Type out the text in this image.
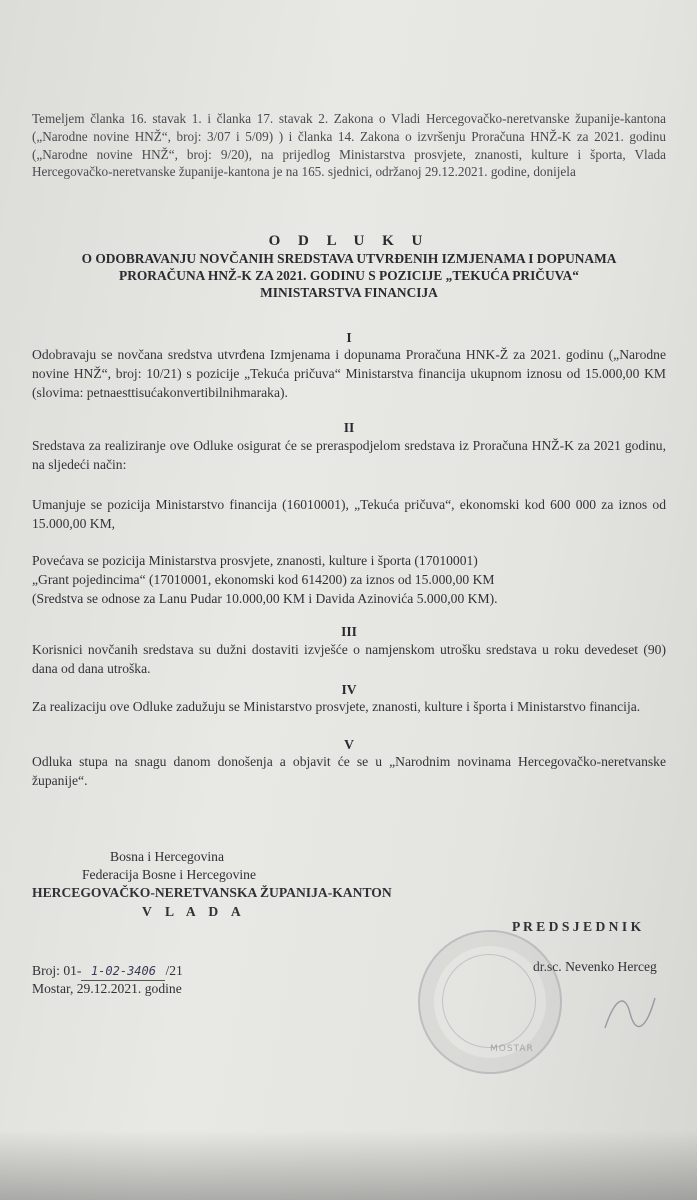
Temeljem članka 16. stavak 1. i članka 17. stavak 2. Zakona o Vladi Hercegovačko-neretvanske županije-kantona („Narodne novine HNŽ“, broj: 3/07 i 5/09) ) i članka 14. Zakona o izvršenju Proračuna HNŽ-K za 2021. godinu („Narodne novine HNŽ“, broj: 9/20), na prijedlog Ministarstva prosvjete, znanosti, kulture i športa, Vlada Hercegovačko-neretvanske županije-kantona je na 165. sjednici, održanoj 29.12.2021. godine, donijela
O D L U K U
O ODOBRAVANJU NOVČANIH SREDSTAVA UTVRĐENIH IZMJENAMA I DOPUNAMA
PRORAČUNA HNŽ-K ZA 2021. GODINU S POZICIJE „TEKUĆA PRIČUVA“
MINISTARSTVA FINANCIJA
I
Odobravaju se novčana sredstva utvrđena Izmjenama i dopunama Proračuna HNK-Ž za 2021. godinu („Narodne novine HNŽ“, broj: 10/21) s pozicije „Tekuća pričuva“ Ministarstva financija ukupnom iznosu od 15.000,00 KM (slovima: petnaesttisućakonvertibilnihmaraka).
II
Sredstava za realiziranje ove Odluke osigurat će se preraspodjelom sredstava iz Proračuna HNŽ-K za 2021 godinu, na sljedeći način:
Umanjuje se pozicija Ministarstvo financija (16010001), „Tekuća pričuva“, ekonomski kod 600 000 za iznos od 15.000,00 KM,
Povećava se pozicija Ministarstva prosvjete, znanosti, kulture i športa (17010001)
„Grant pojedincima“ (17010001, ekonomski kod 614200) za iznos od 15.000,00 KM
(Sredstva se odnose za Lanu Pudar 10.000,00 KM i Davida Azinovića 5.000,00 KM).
III
Korisnici novčanih sredstava su dužni dostaviti izvješće o namjenskom utrošku sredstava u roku devedeset (90) dana od dana utroška.
IV
Za realizaciju ove Odluke zadužuju se Ministarstvo prosvjete, znanosti, kulture i športa i Ministarstvo financija.
V
Odluka stupa na snagu danom donošenja a objavit će se u „Narodnim novinama Hercegovačko-neretvanske županije“.
Bosna i Hercegovina
Federacija Bosne i Hercegovine
HERCEGOVAČKO-NERETVANSKA ŽUPANIJA-KANTON
V L A D A
Broj: 01- 1-02-3406 /21
Mostar, 29.12.2021. godine
P R E D S J E D N I K
dr.sc. Nevenko Herceg
MOSTAR
